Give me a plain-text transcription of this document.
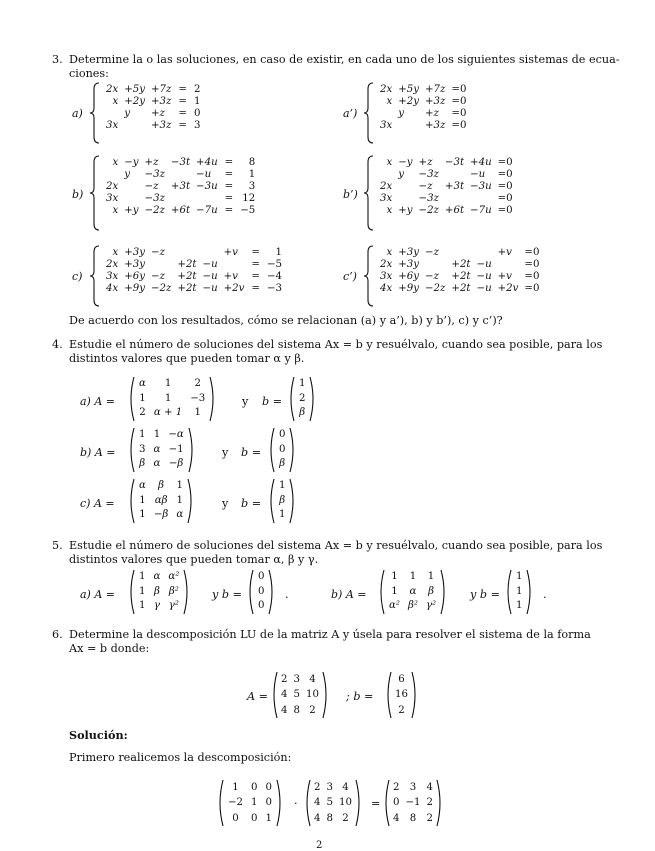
3. Determine la o las soluciones, en caso de existir, en cada uno de los siguientes sistemas de ecua-
ciones:
a)
2x	+5y	+7z	=	2
x	+2y	+3z	=	1
	y	+z	=	0
3x		+3z	=	3
a’)
2x	+5y	+7z	=0
x	+2y	+3z	=0
	y	+z	=0
3x		+3z	=0
b)
x	−y	+z	−3t	+4u	=	8
	y	−3z		−u	=	1
2x		−z	+3t	−3u	=	3
3x		−3z			=	12
x	+y	−2z	+6t	−7u	=	−5
b’)
x	−y	+z	−3t	+4u	=0
	y	−3z		−u	=0
2x		−z	+3t	−3u	=0
3x		−3z			=0
x	+y	−2z	+6t	−7u	=0
c)
x	+3y	−z			+v	=	1
2x	+3y		+2t	−u		=	−5
3x	+6y	−z	+2t	−u	+v	=	−4
4x	+9y	−2z	+2t	−u	+2v	=	−3
c’)
x	+3y	−z			+v	=0
2x	+3y		+2t	−u		=0
3x	+6y	−z	+2t	−u	+v	=0
4x	+9y	−2z	+2t	−u	+2v	=0
De acuerdo con los resultados, cómo se relacionan (a) y a’), b) y b’), c) y c’)?
4. Estudie el número de soluciones del sistema Ax = b y resuélvalo, cuando sea posible, para los
distintos valores que pueden tomar α y β.
a) A =
α	1	2
1	1	−3
2	α + 1	1
y b =
1
2
β
b) A =
1	1	−α
3	α	−1
β	α	−β
y b =
0
0
β
c) A =
α	β	1
1	αβ	1
1	−β	α
y b =
1
β
1
5. Estudie el número de soluciones del sistema Ax = b y resuélvalo, cuando sea posible, para los
distintos valores que pueden tomar α, β y γ.
a) A =
1	α	α²
1	β	β²
1	γ	γ²
y b =
0
0
0
.	b) A =
1	1	1
1	α	β
α²	β²	γ²
y b =
1
1
1
.
6. Determine la descomposición LU de la matriz A y úsela para resolver el sistema de la forma
Ax = b donde:
A =
2	3	4
4	5	10
4	8	2
; b =
6
16
2
Solución:
Primero realicemos la descomposición:
1	0	0
−2	1	0
0	0	1
·
2	3	4
4	5	10
4	8	2
=
2	3	4
0	−1	2
4	8	2
2
